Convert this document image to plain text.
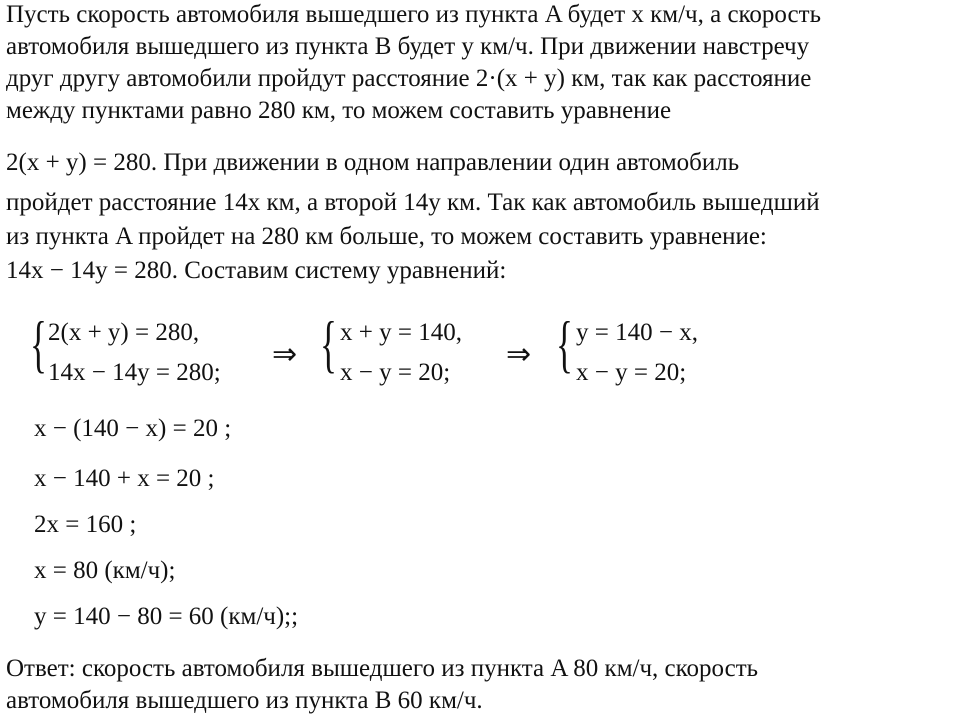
Пусть скорость автомобиля вышедшего из пункта A будет x км/ч, а скорость
автомобиля вышедшего из пункта B будет y км/ч. При движении навстречу
друг другу автомобили пройдут расстояние 2·(x + y) км, так как расстояние
между пунктами равно 280 км, то можем составить уравнение
2(x + y) = 280. При движении в одном направлении один автомобиль
пройдет расстояние 14x км, а второй 14y км. Так как автомобиль вышедший
из пункта A пройдет на 280 км больше, то можем составить уравнение:
14x − 14y = 280. Составим систему уравнений:
{ 2(x + y) = 280,
14x − 14y = 280;
⇒ { x + y = 140,
x − y = 20;
⇒ { y = 140 − x,
x − y = 20;
x − (140 − x) = 20 ;
x − 140 + x = 20 ;
2x = 160 ;
x = 80 (км/ч);
y = 140 − 80 = 60 (км/ч);;
Ответ: скорость автомобиля вышедшего из пункта A 80 км/ч, скорость
автомобиля вышедшего из пункта B 60 км/ч.
